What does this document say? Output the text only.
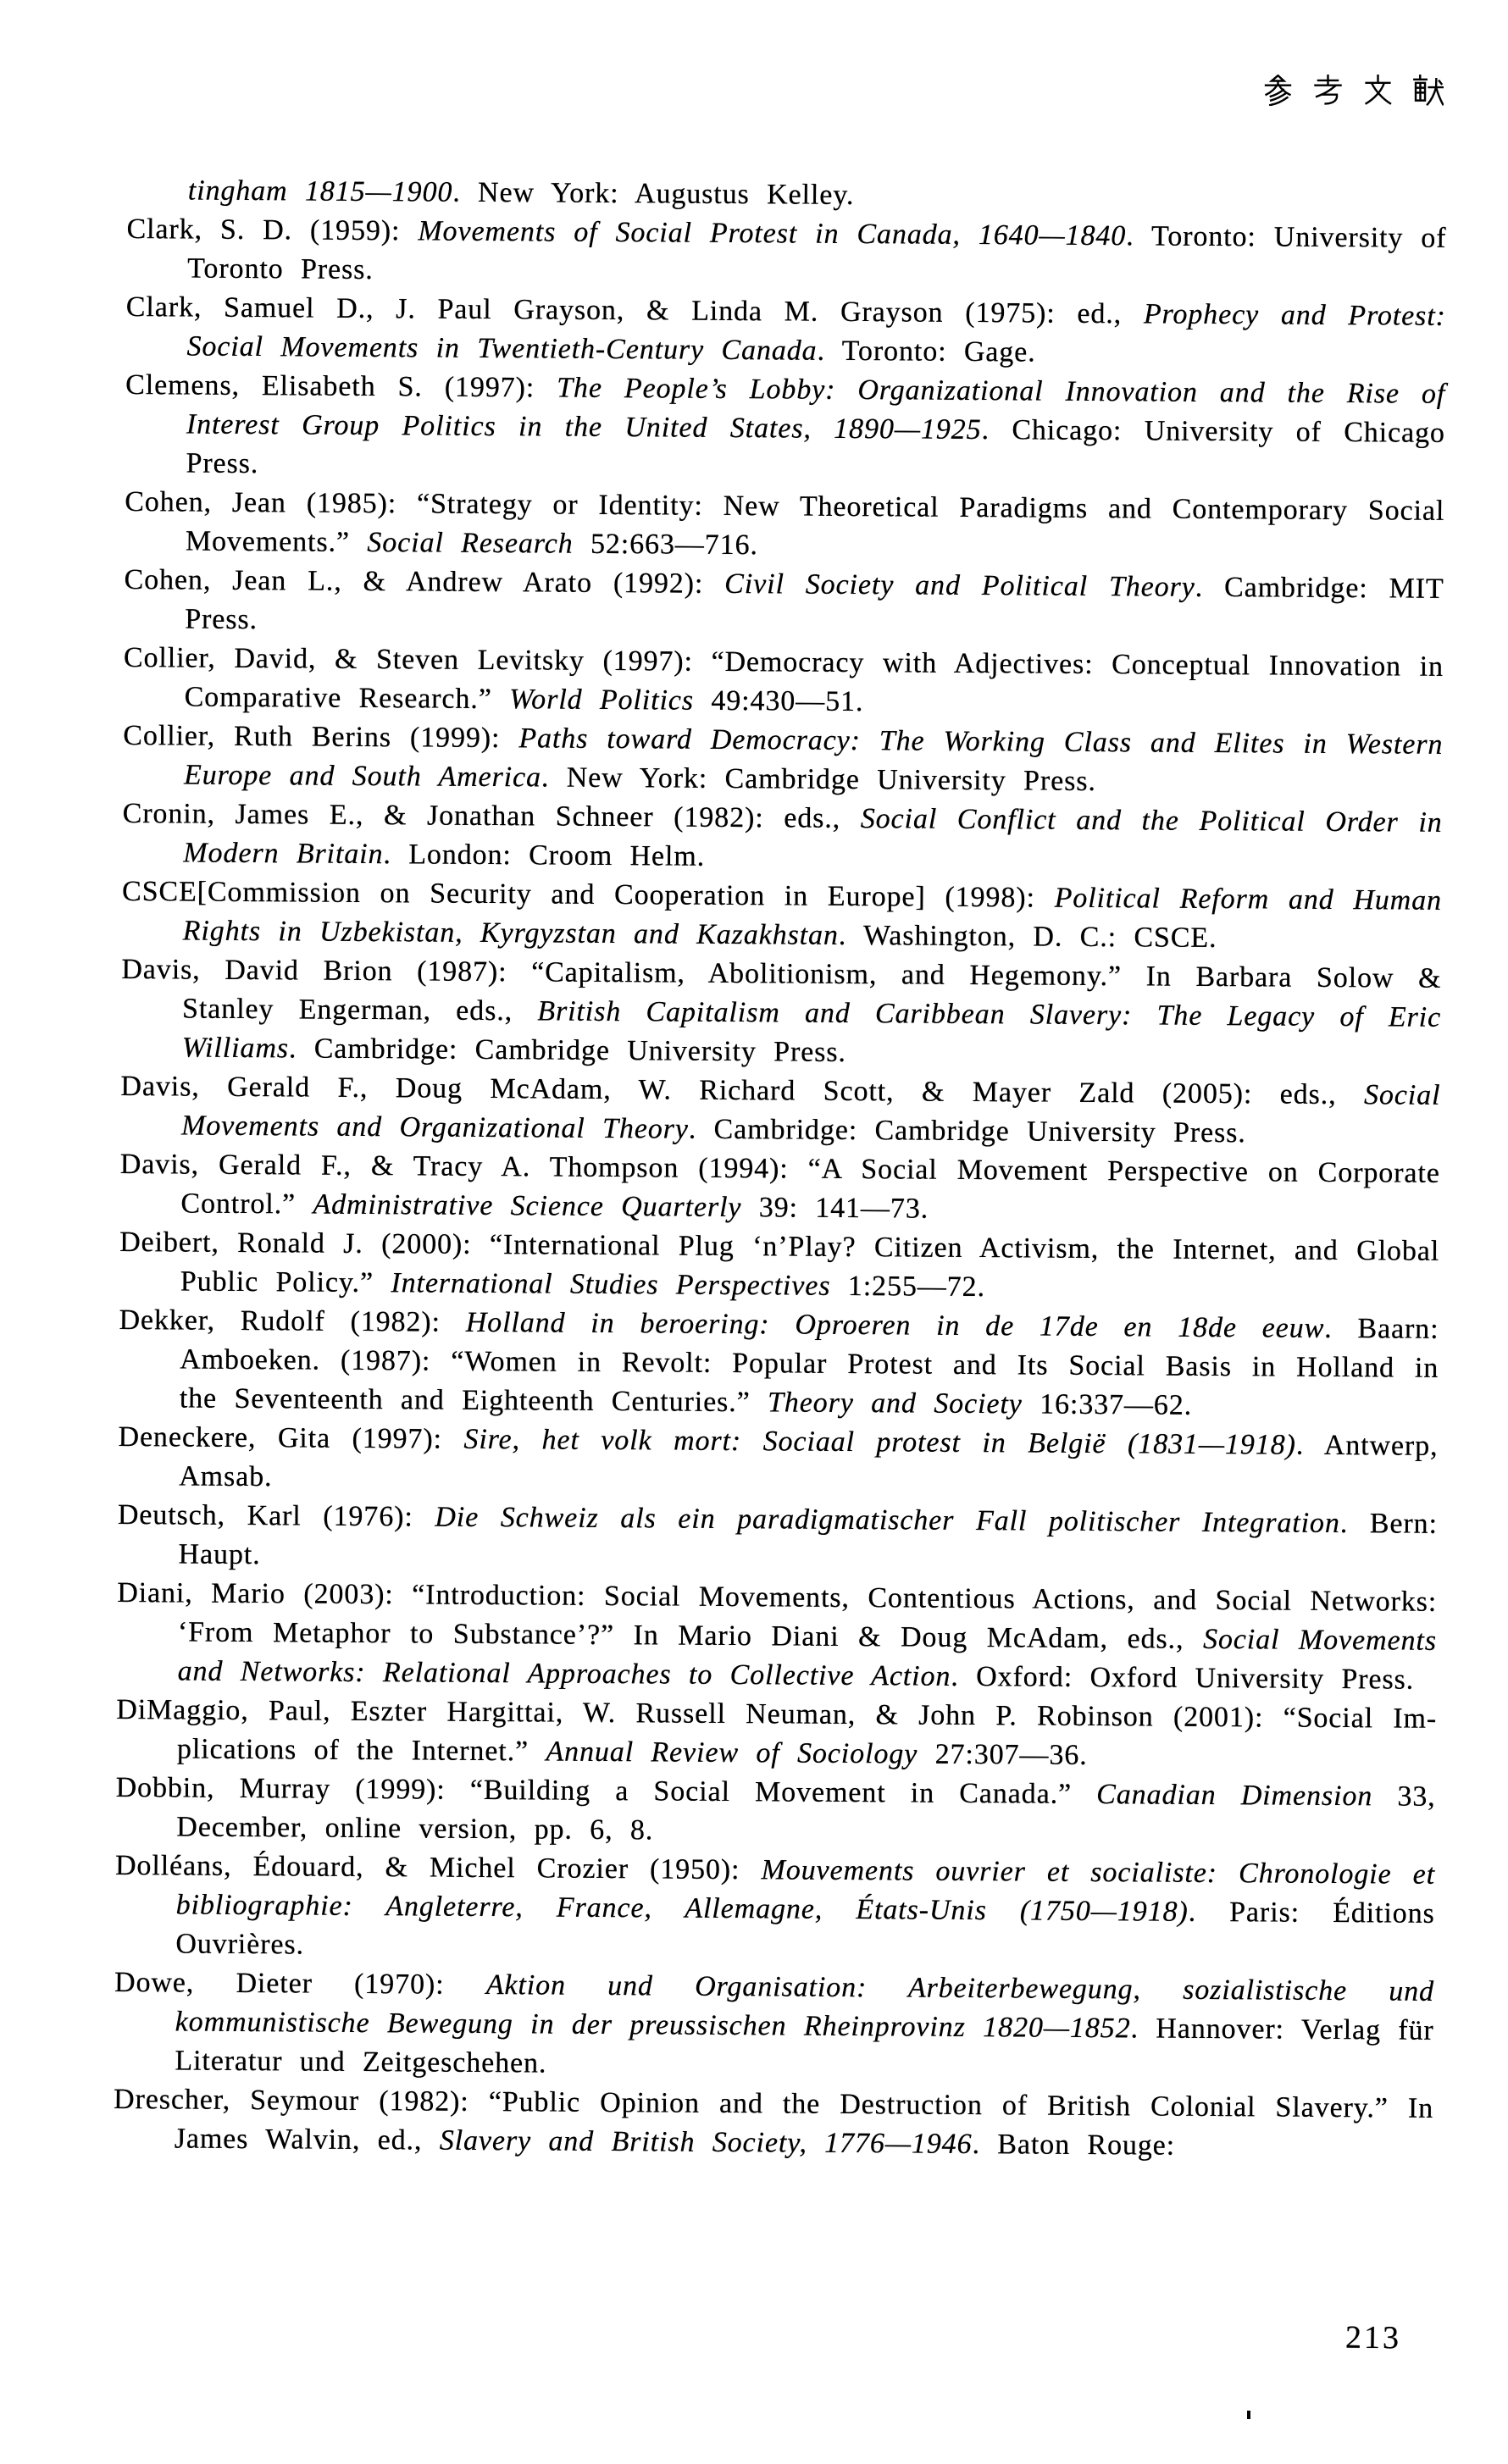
tingham 1815—1900. New York: Augustus Kelley.
Clark, S. D. (1959): Movements of Social Protest in Canada, 1640—1840. Toronto: University of Toronto Press.
Clark, Samuel D., J. Paul Grayson, & Linda M. Grayson (1975): ed., Prophecy and Protest: Social Movements in Twentieth-Century Canada. Toronto: Gage.
Clemens, Elisabeth S. (1997): The People’s Lobby: Organizational Innovation and the Rise of Interest Group Politics in the United States, 1890—1925. Chicago: University of Chicago Press.
Cohen, Jean (1985): “Strategy or Identity: New Theoretical Paradigms and Contemporary Social Movements.” Social Research 52:663—716.
Cohen, Jean L., & Andrew Arato (1992): Civil Society and Political Theory. Cambridge: MIT Press.
Collier, David, & Steven Levitsky (1997): “Democracy with Adjectives: Conceptual Innovation in Comparative Research.” World Politics 49:430—51.
Collier, Ruth Berins (1999): Paths toward Democracy: The Working Class and Elites in Western Europe and South America. New York: Cambridge University Press.
Cronin, James E., & Jonathan Schneer (1982): eds., Social Conflict and the Political Order in Modern Britain. London: Croom Helm.
CSCE[Commission on Security and Cooperation in Europe] (1998): Political Reform and Human Rights in Uzbekistan, Kyrgyzstan and Kazakhstan. Washington, D. C.: CSCE.
Davis, David Brion (1987): “Capitalism, Abolitionism, and Hegemony.” In Barbara Solow & Stanley Engerman, eds., British Capitalism and Caribbean Slavery: The Legacy of Eric Williams. Cambridge: Cambridge University Press.
Davis, Gerald F., Doug McAdam, W. Richard Scott, & Mayer Zald (2005): eds., Social Movements and Organizational Theory. Cambridge: Cambridge University Press.
Davis, Gerald F., & Tracy A. Thompson (1994): “A Social Movement Perspective on Corporate Control.” Administrative Science Quarterly 39: 141—73.
Deibert, Ronald J. (2000): “International Plug ‘n’Play? Citizen Activism, the Internet, and Global Public Policy.” International Studies Perspectives 1:255—72.
Dekker, Rudolf (1982): Holland in beroering: Oproeren in de 17de en 18de eeuw. Baarn: Amboeken. (1987): “Women in Revolt: Popular Protest and Its Social Basis in Holland in the Seventeenth and Eighteenth Centuries.” Theory and Society 16:337—62.
Deneckere, Gita (1997): Sire, het volk mort: Sociaal protest in België (1831—1918). Antwerp, Amsab.
Deutsch, Karl (1976): Die Schweiz als ein paradigmatischer Fall politischer Integration. Bern: Haupt.
Diani, Mario (2003): “Introduction: Social Movements, Contentious Actions, and Social Networks: ‘From Metaphor to Substance’?” In Mario Diani & Doug McAdam, eds., Social Movements and Networks: Relational Approaches to Collective Action. Oxford: Oxford University Press.
DiMaggio, Paul, Eszter Hargittai, W. Russell Neuman, & John P. Robinson (2001): “Social Implications of the Internet.” Annual Review of Sociology 27:307—36.
Dobbin, Murray (1999): “Building a Social Movement in Canada.” Canadian Dimension 33, December, online version, pp. 6, 8.
Dolléans, Édouard, & Michel Crozier (1950): Mouvements ouvrier et socialiste: Chronologie et bibliographie: Angleterre, France, Allemagne, États-Unis (1750—1918). Paris: Éditions Ouvrières.
Dowe, Dieter (1970): Aktion und Organisation: Arbeiterbewegung, sozialistische und kommunistische Bewegung in der preussischen Rheinprovinz 1820—1852. Hannover: Verlag für Literatur und Zeitgeschehen.
Drescher, Seymour (1982): “Public Opinion and the Destruction of British Colonial Slavery.” In James Walvin, ed., Slavery and British Society, 1776—1946. Baton Rouge:
213
